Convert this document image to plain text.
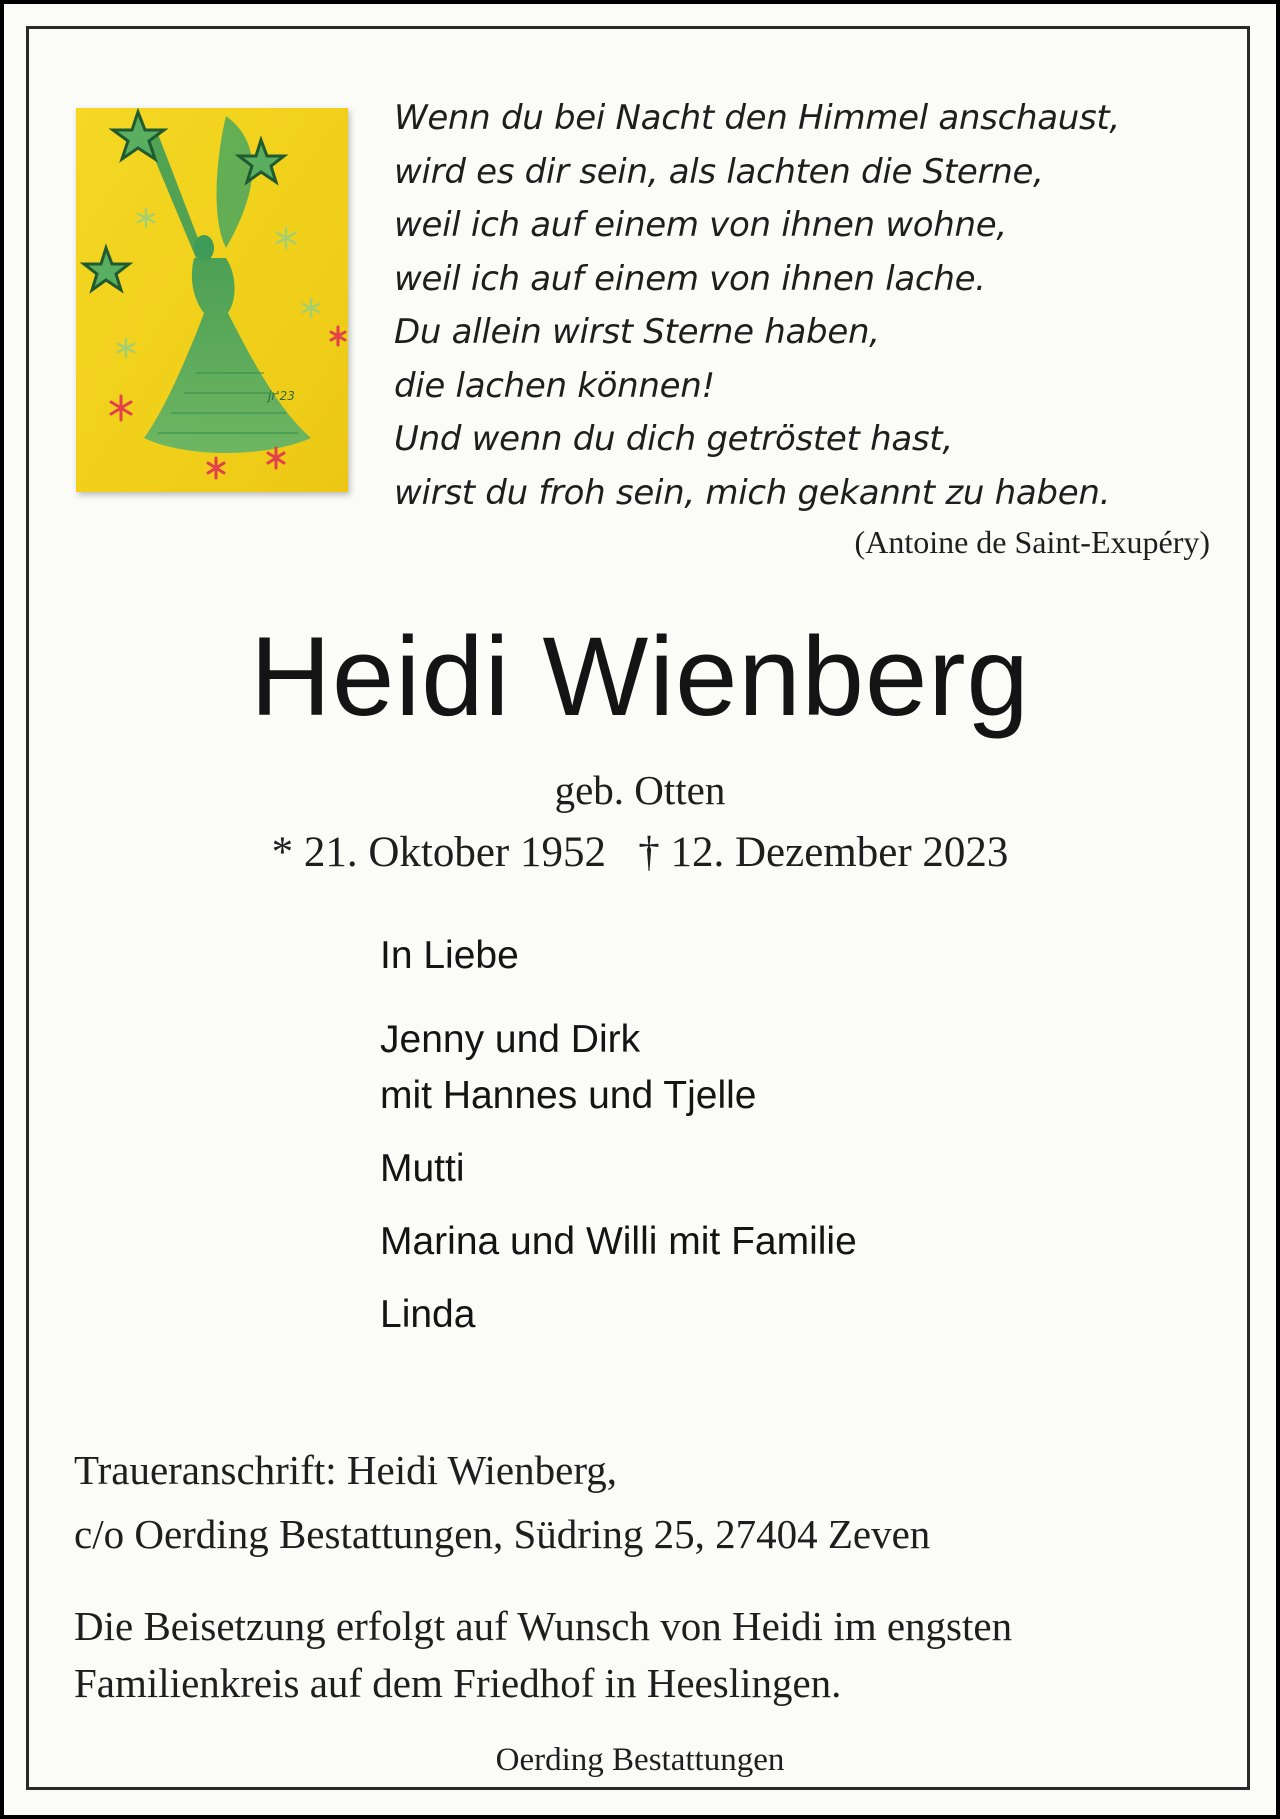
jr'23
Wenn du bei Nacht den Himmel anschaust,
wird es dir sein, als lachten die Sterne,
weil ich auf einem von ihnen wohne,
weil ich auf einem von ihnen lache.
Du allein wirst Sterne haben,
die lachen können!
Und wenn du dich getröstet hast,
wirst du froh sein, mich gekannt zu haben.
(Antoine de Saint-Exupéry)
Heidi Wienberg
geb. Otten
* 21. Oktober 1952   † 12. Dezember 2023
In Liebe
Jenny und Dirk
mit Hannes und Tjelle
Mutti
Marina und Willi mit Familie
Linda
Traueranschrift: Heidi Wienberg,
c/o Oerding Bestattungen, Südring 25, 27404 Zeven
Die Beisetzung erfolgt auf Wunsch von Heidi im engsten
Familienkreis auf dem Friedhof in Heeslingen.
Oerding Bestattungen
